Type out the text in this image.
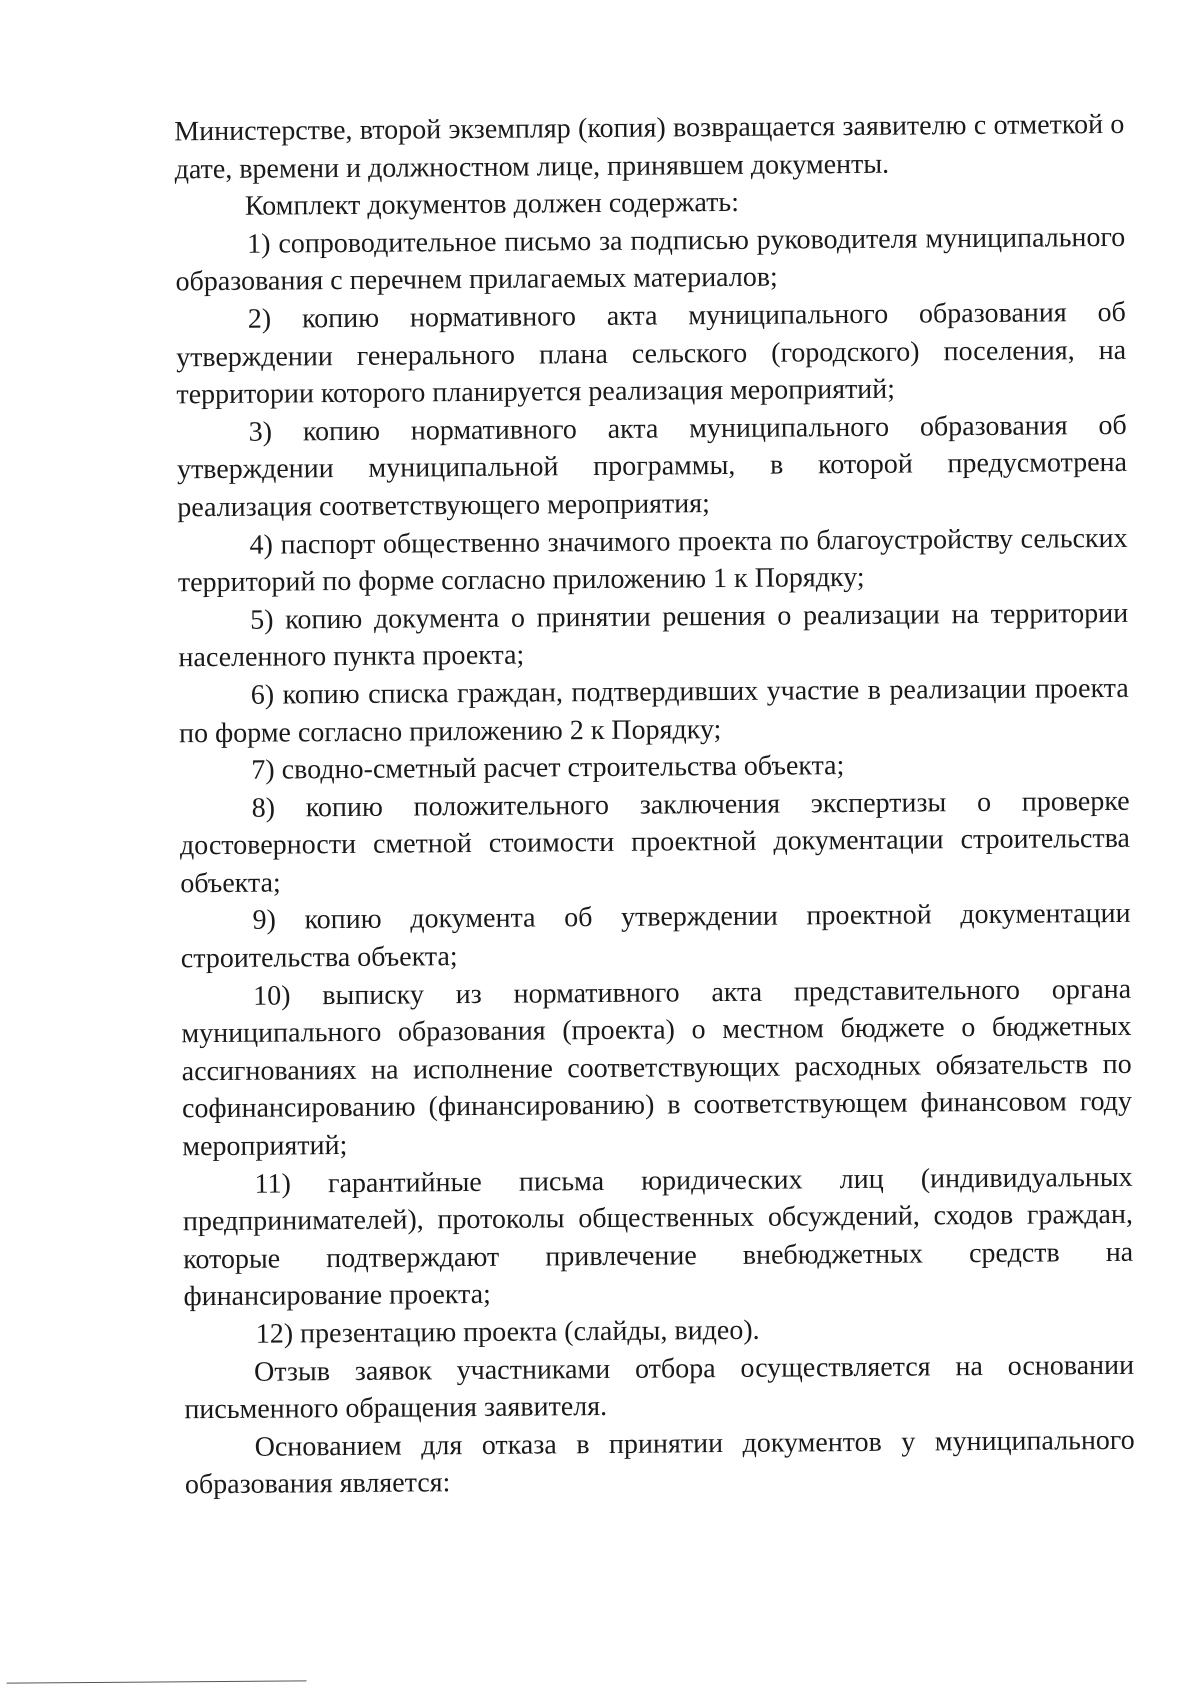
Министерстве, второй экземпляр (копия) возвращается заявителю с отметкой о дате, времени и должностном лице, принявшем документы.

Комплект документов должен содержать:

1) сопроводительное письмо за подписью руководителя муниципального образования с перечнем прилагаемых материалов;

2) копию нормативного акта муниципального образования об утверждении генерального плана сельского (городского) поселения, на территории которого планируется реализация мероприятий;

3) копию нормативного акта муниципального образования об утверждении муниципальной программы, в которой предусмотрена реализация соответствующего мероприятия;

4) паспорт общественно значимого проекта по благоустройству сельских территорий по форме согласно приложению 1 к Порядку;

5) копию документа о принятии решения о реализации на территории населенного пункта проекта;

6) копию списка граждан, подтвердивших участие в реализации проекта по форме согласно приложению 2 к Порядку;

7) сводно-сметный расчет строительства объекта;

8) копию положительного заключения экспертизы о проверке достоверности сметной стоимости проектной документации строительства объекта;

9) копию документа об утверждении проектной документации строительства объекта;

10) выписку из нормативного акта представительного органа муниципального образования (проекта) о местном бюджете о бюджетных ассигнованиях на исполнение соответствующих расходных обязательств по софинансированию (финансированию) в соответствующем финансовом году мероприятий;

11) гарантийные письма юридических лиц (индивидуальных предпринимателей), протоколы общественных обсуждений, сходов граждан, которые подтверждают привлечение внебюджетных средств на финансирование проекта;

12) презентацию проекта (слайды, видео).

Отзыв заявок участниками отбора осуществляется на основании письменного обращения заявителя.

Основанием для отказа в принятии документов у муниципального образования является:
